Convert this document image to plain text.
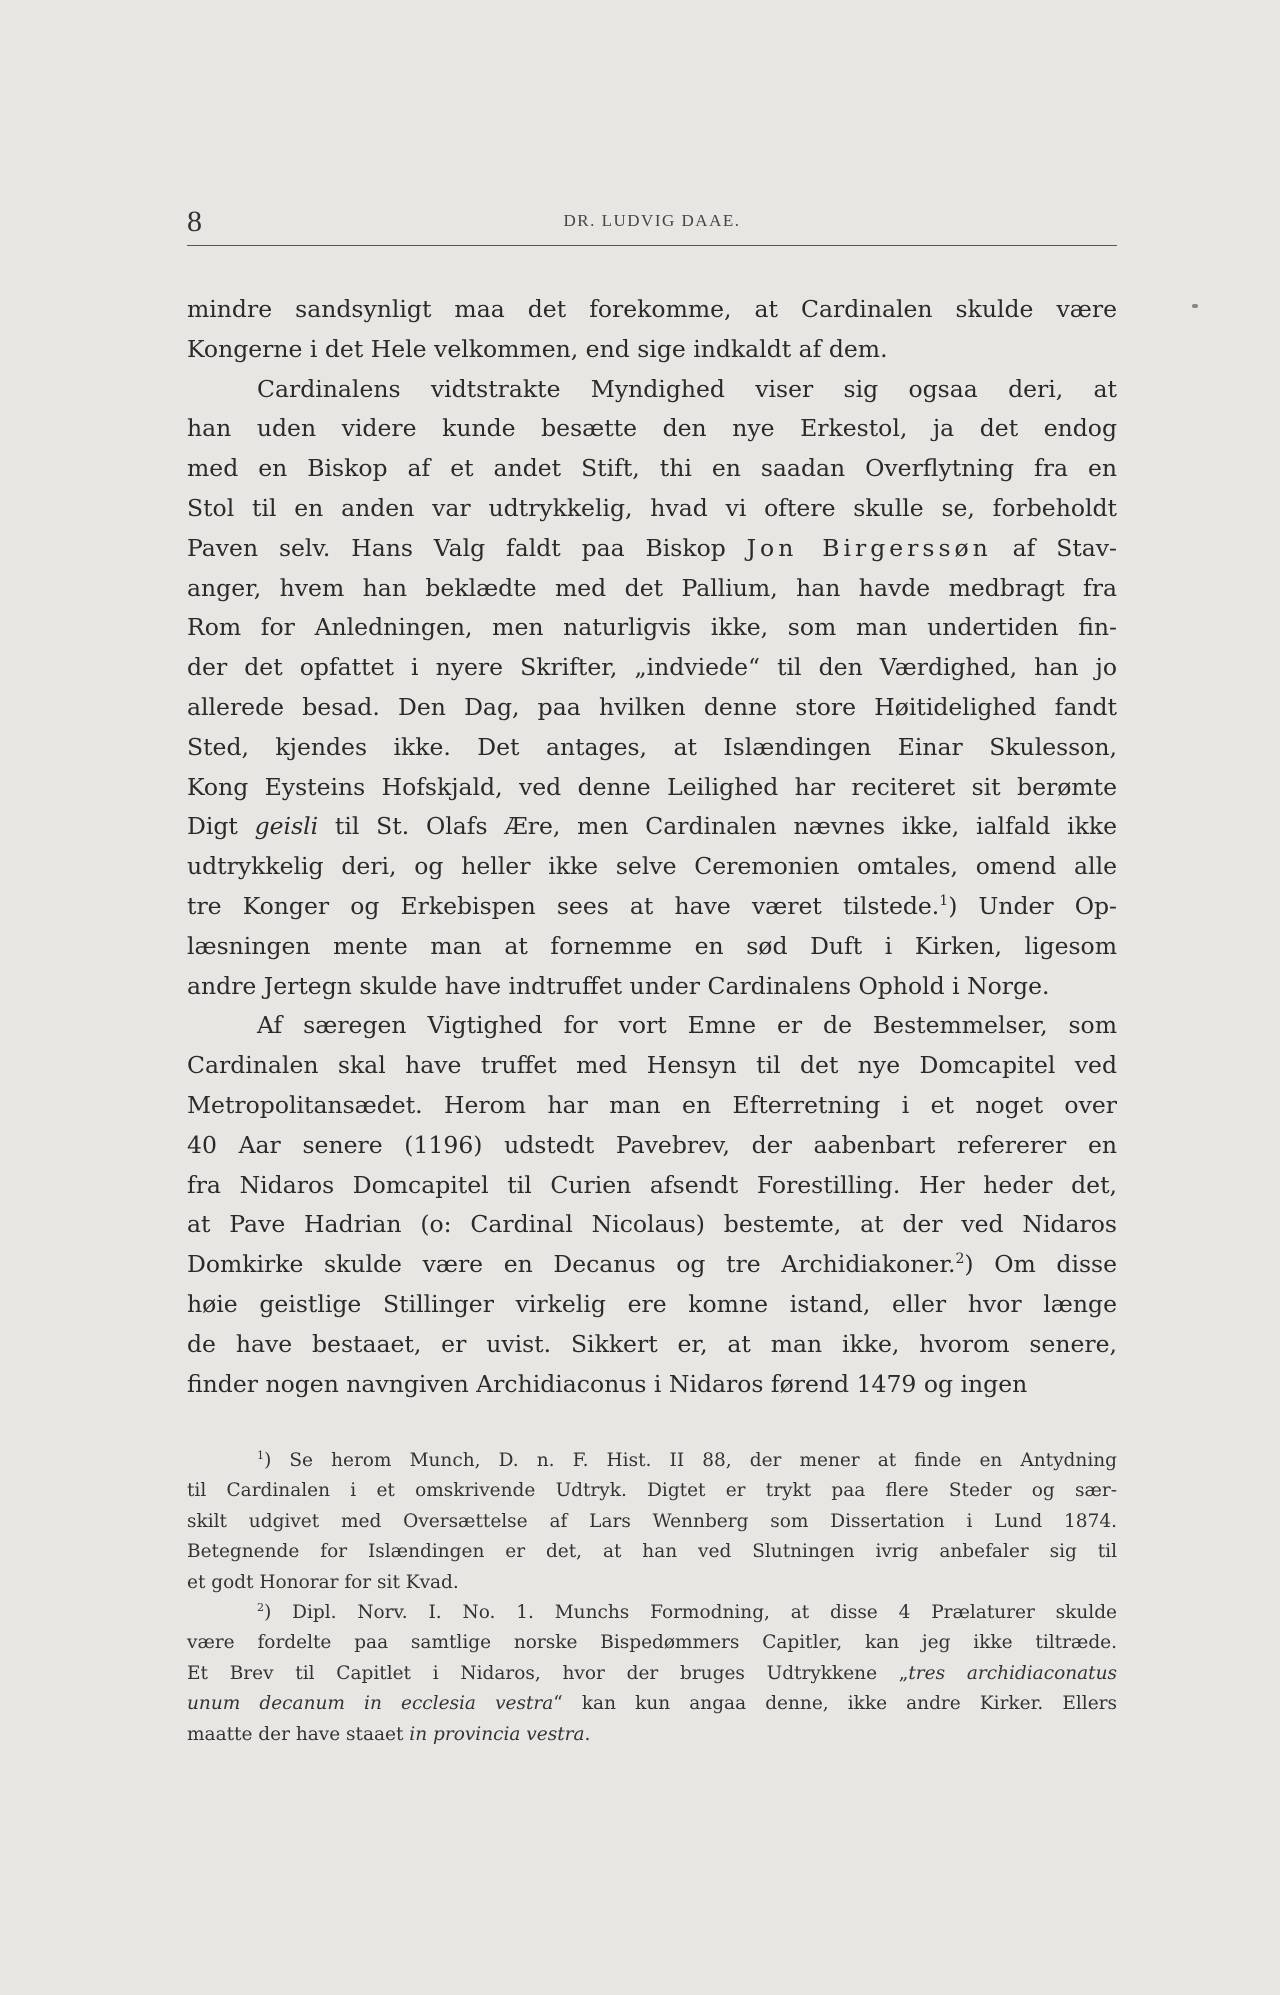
8	DR. LUDVIG DAAE.

mindre sandsynligt maa det forekomme, at Cardinalen skulde være

Kongerne i det Hele velkommen, end sige indkaldt af dem.

Cardinalens vidtstrakte Myndighed viser sig ogsaa deri, at

han uden videre kunde besætte den nye Erkestol, ja det endog

med en Biskop af et andet Stift, thi en saadan Overflytning fra en

Stol til en anden var udtrykkelig, hvad vi oftere skulle se, forbeholdt

Paven selv. Hans Valg faldt paa Biskop Jon Birgerssøn af Stav-

anger, hvem han beklædte med det Pallium, han havde medbragt fra

Rom for Anledningen, men naturligvis ikke, som man undertiden fin-

der det opfattet i nyere Skrifter, „indviede“ til den Værdighed, han jo

allerede besad. Den Dag, paa hvilken denne store Høitidelighed fandt

Sted, kjendes ikke. Det antages, at Islændingen Einar Skulesson,

Kong Eysteins Hofskjald, ved denne Leilighed har reciteret sit berømte

Digt geisli til St. Olafs Ære, men Cardinalen nævnes ikke, ialfald ikke

udtrykkelig deri, og heller ikke selve Ceremonien omtales, omend alle

tre Konger og Erkebispen sees at have været tilstede.$^1$) Under Op-

læsningen mente man at fornemme en sød Duft i Kirken, ligesom

andre Jertegn skulde have indtruffet under Cardinalens Ophold i Norge.

Af særegen Vigtighed for vort Emne er de Bestemmelser, som

Cardinalen skal have truffet med Hensyn til det nye Domcapitel ved

Metropolitansædet. Herom har man en Efterretning i et noget over

40 Aar senere (1196) udstedt Pavebrev, der aabenbart refererer en

fra Nidaros Domcapitel til Curien afsendt Forestilling. Her heder det,

at Pave Hadrian (o: Cardinal Nicolaus) bestemte, at der ved Nidaros

Domkirke skulde være en Decanus og tre Archidiakoner.$^2$) Om disse

høie geistlige Stillinger virkelig ere komne istand, eller hvor længe

de have bestaaet, er uvist. Sikkert er, at man ikke, hvorom senere,

finder nogen navngiven Archidiaconus i Nidaros førend 1479 og ingen

$^1$) Se herom Munch, D. n. F. Hist. II 88, der mener at finde en Antydning

til Cardinalen i et omskrivende Udtryk. Digtet er trykt paa flere Steder og sær-

skilt udgivet med Oversættelse af Lars Wennberg som Dissertation i Lund 1874.

Betegnende for Islændingen er det, at han ved Slutningen ivrig anbefaler sig til

et godt Honorar for sit Kvad.

$^2$) Dipl. Norv. I. No. 1. Munchs Formodning, at disse 4 Prælaturer skulde

være fordelte paa samtlige norske Bispedømmers Capitler, kan jeg ikke tiltræde.

Et Brev til Capitlet i Nidaros, hvor der bruges Udtrykkene „tres archidiaconatus

unum decanum in ecclesia vestra“ kan kun angaa denne, ikke andre Kirker. Ellers

maatte der have staaet in provincia vestra.
